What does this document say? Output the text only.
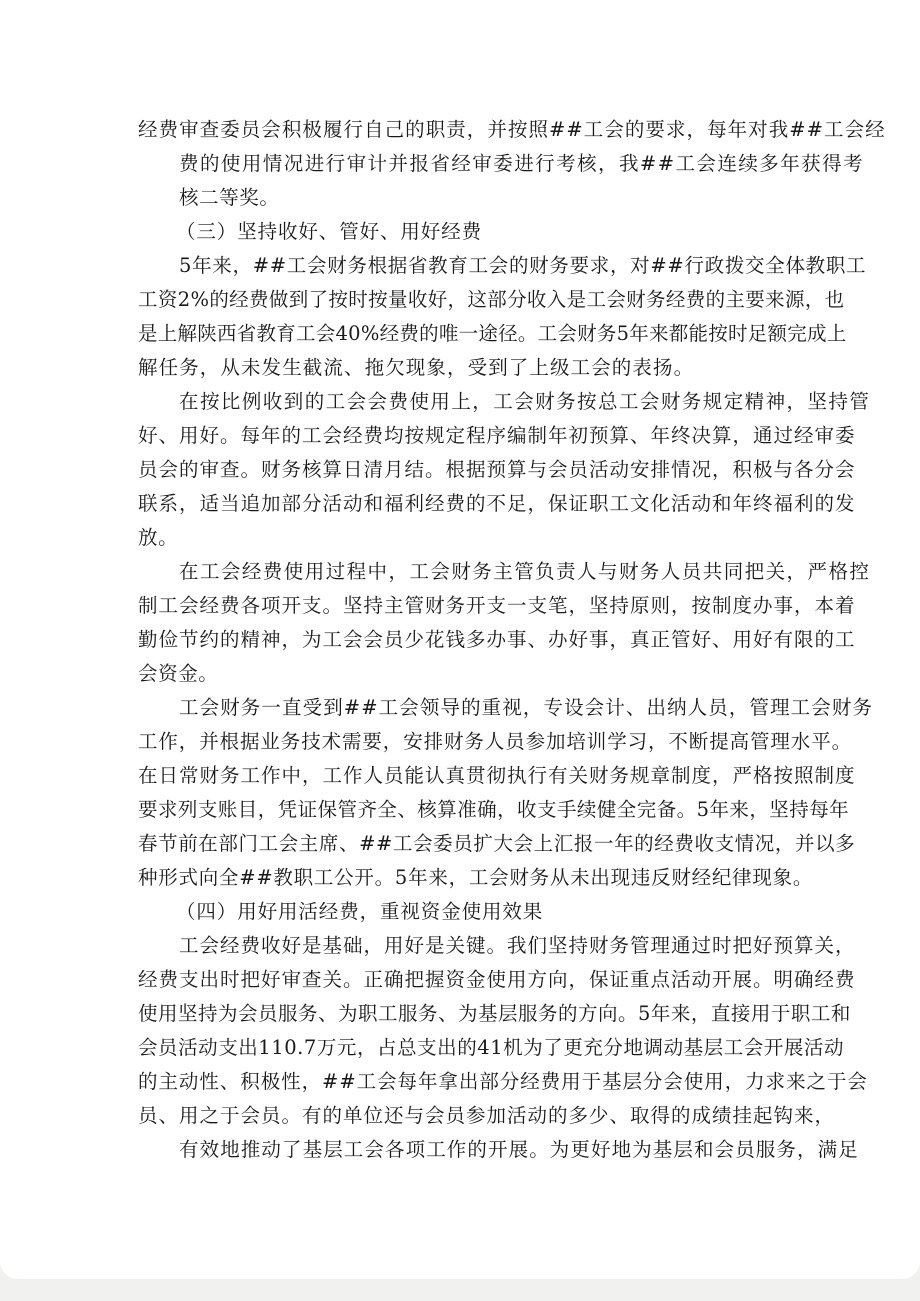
经费审查委员会积极履行自己的职责，并按照##工会的要求，每年对我##工会经
费的使用情况进行审计并报省经审委进行考核，我##工会连续多年获得考
核二等奖。
（三）坚持收好、管好、用好经费
5年来，##工会财务根据省教育工会的财务要求，对##行政拨交全体教职工
工资2%的经费做到了按时按量收好，这部分收入是工会财务经费的主要来源，也
是上解陕西省教育工会40%经费的唯一途径。工会财务5年来都能按时足额完成上
解任务，从未发生截流、拖欠现象，受到了上级工会的表扬。
在按比例收到的工会会费使用上，工会财务按总工会财务规定精神，坚持管
好、用好。每年的工会经费均按规定程序编制年初预算、年终决算，通过经审委
员会的审查。财务核算日清月结。根据预算与会员活动安排情况，积极与各分会
联系，适当追加部分活动和福利经费的不足，保证职工文化活动和年终福利的发
放。
在工会经费使用过程中，工会财务主管负责人与财务人员共同把关，严格控
制工会经费各项开支。坚持主管财务开支一支笔，坚持原则，按制度办事，本着
勤俭节约的精神，为工会会员少花钱多办事、办好事，真正管好、用好有限的工
会资金。
工会财务一直受到##工会领导的重视，专设会计、出纳人员，管理工会财务
工作，并根据业务技术需要，安排财务人员参加培训学习，不断提高管理水平。
在日常财务工作中，工作人员能认真贯彻执行有关财务规章制度，严格按照制度
要求列支账目，凭证保管齐全、核算准确，收支手续健全完备。5年来，坚持每年
春节前在部门工会主席、##工会委员扩大会上汇报一年的经费收支情况，并以多
种形式向全##教职工公开。5年来，工会财务从未出现违反财经纪律现象。
（四）用好用活经费，重视资金使用效果
工会经费收好是基础，用好是关键。我们坚持财务管理通过时把好预算关，
经费支出时把好审查关。正确把握资金使用方向，保证重点活动开展。明确经费
使用坚持为会员服务、为职工服务、为基层服务的方向。5年来，直接用于职工和
会员活动支出110.7万元，占总支出的41机为了更充分地调动基层工会开展活动
的主动性、积极性，##工会每年拿出部分经费用于基层分会使用，力求来之于会
员、用之于会员。有的单位还与会员参加活动的多少、取得的成绩挂起钩来，
有效地推动了基层工会各项工作的开展。为更好地为基层和会员服务，满足
